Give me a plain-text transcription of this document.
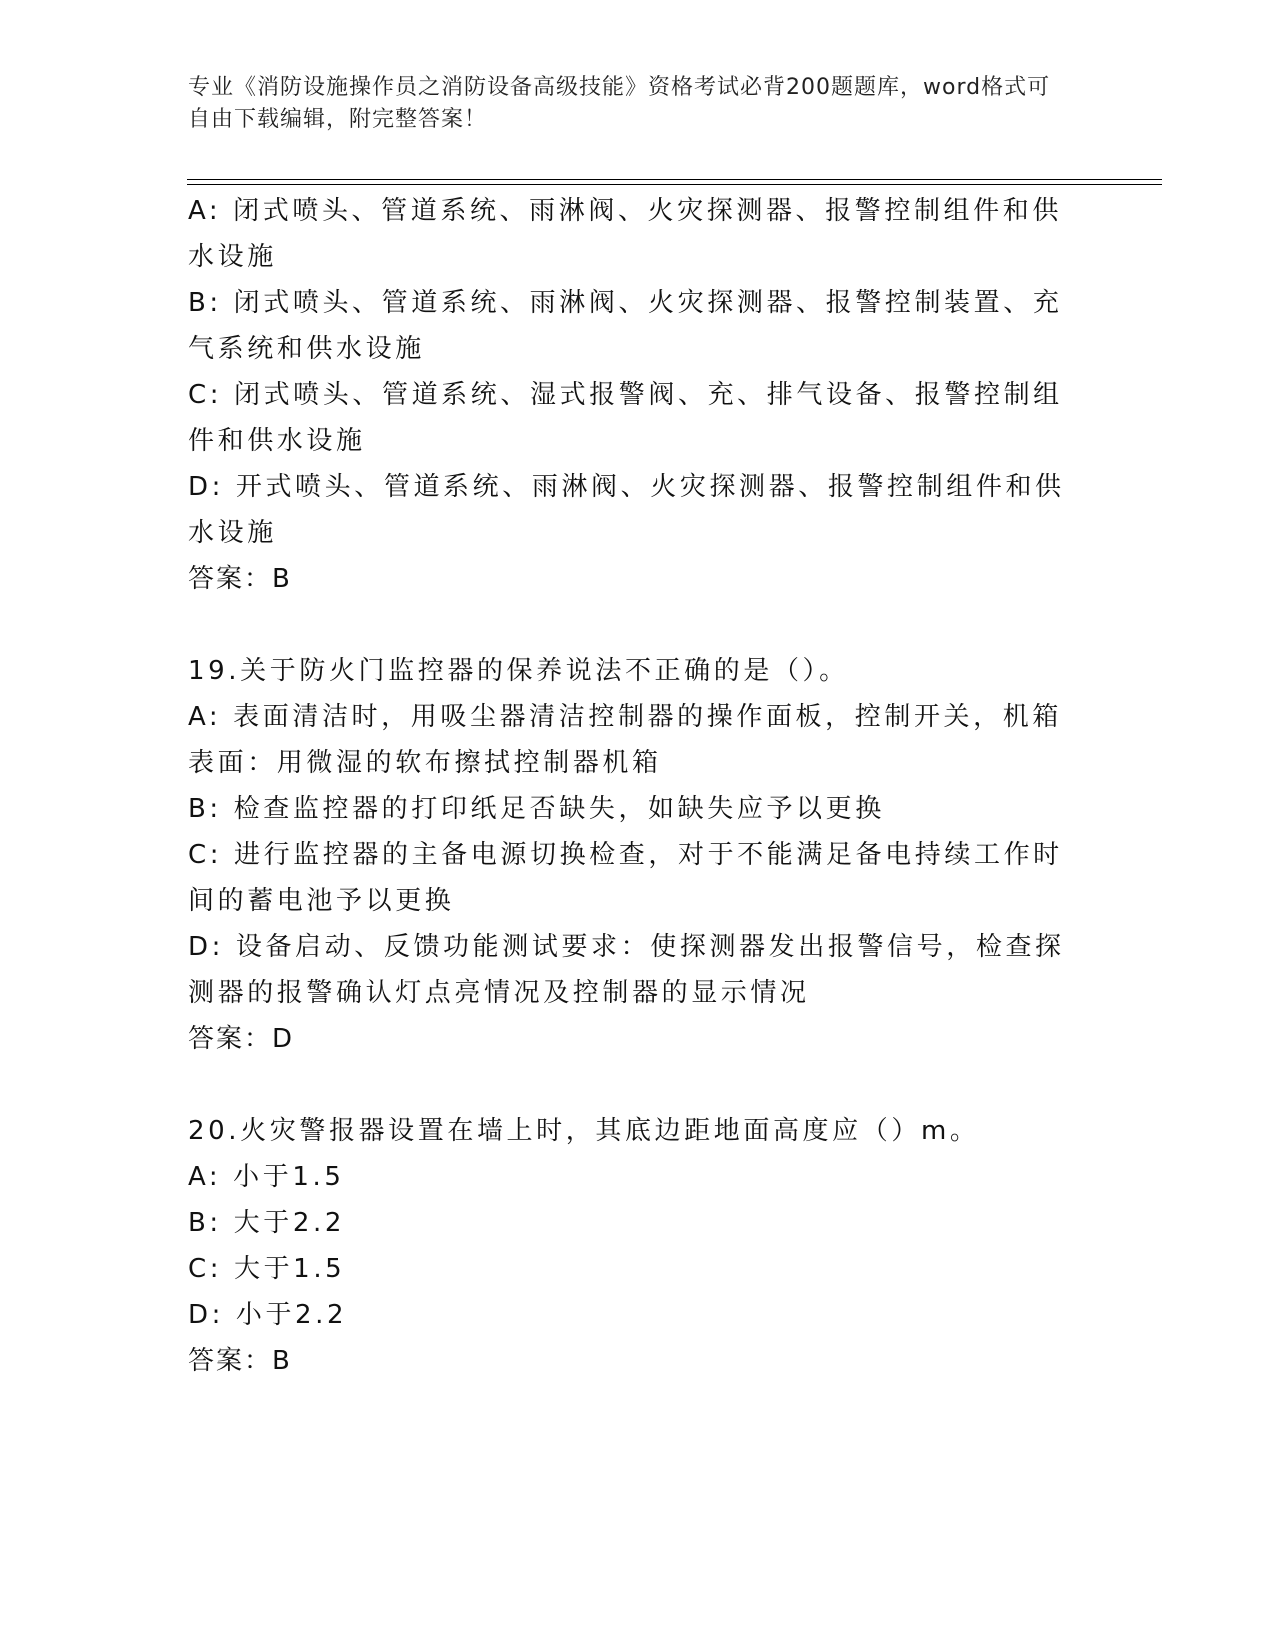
专业《消防设施操作员之消防设备高级技能》资格考试必背200题题库，word格式可自由下载编辑，附完整答案！

A: 闭式喷头、管道系统、雨淋阀、火灾探测器、报警控制组件和供水设施

B: 闭式喷头、管道系统、雨淋阀、火灾探测器、报警控制装置、充气系统和供水设施

C: 闭式喷头、管道系统、湿式报警阀、充、排气设备、报警控制组件和供水设施

D: 开式喷头、管道系统、雨淋阀、火灾探测器、报警控制组件和供水设施

答案：B

19.关于防火门监控器的保养说法不正确的是（）。

A: 表面清洁时，用吸尘器清洁控制器的操作面板，控制开关，机箱表面：用微湿的软布擦拭控制器机箱

B: 检查监控器的打印纸足否缺失，如缺失应予以更换

C: 进行监控器的主备电源切换检查，对于不能满足备电持续工作时间的蓄电池予以更换

D: 设备启动、反馈功能测试要求：使探测器发出报警信号，检查探测器的报警确认灯点亮情况及控制器的显示情况

答案：D

20.火灾警报器设置在墙上时，其底边距地面高度应（）m。

A: 小于1.5

B: 大于2.2

C: 大于1.5

D: 小于2.2

答案：B
